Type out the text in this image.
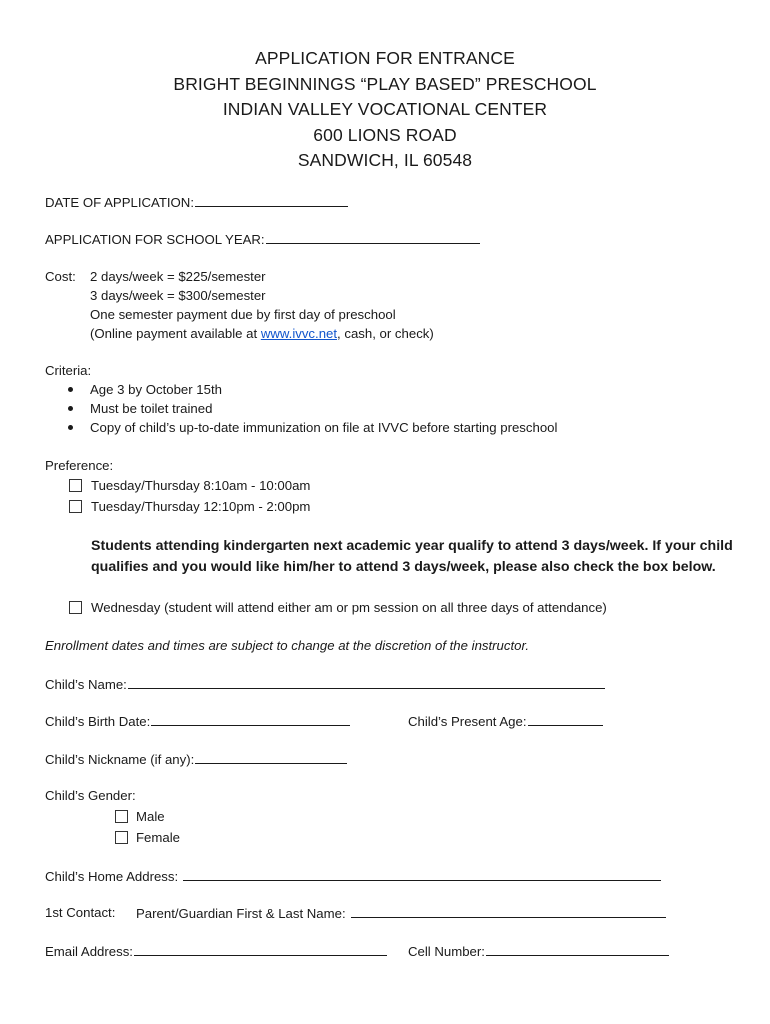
APPLICATION FOR ENTRANCE
BRIGHT BEGINNINGS “PLAY BASED” PRESCHOOL
INDIAN VALLEY VOCATIONAL CENTER
600 LIONS ROAD
SANDWICH, IL 60548
DATE OF APPLICATION:
APPLICATION FOR SCHOOL YEAR:
Cost: 2 days/week = $225/semester
3 days/week = $300/semester
One semester payment due by first day of preschool
(Online payment available at www.ivvc.net, cash, or check)
Criteria:
Age 3 by October 15th
Must be toilet trained
Copy of child’s up-to-date immunization on file at IVVC before starting preschool
Preference:
Tuesday/Thursday 8:10am - 10:00am
Tuesday/Thursday 12:10pm - 2:00pm
Students attending kindergarten next academic year qualify to attend 3 days/week. If your child qualifies and you would like him/her to attend 3 days/week, please also check the box below.
Wednesday (student will attend either am or pm session on all three days of attendance)
Enrollment dates and times are subject to change at the discretion of the instructor.
Child’s Name:
Child’s Birth Date:	Child’s Present Age:
Child’s Nickname (if any):
Child’s Gender:
Male
Female
Child’s Home Address:
1st Contact: Parent/Guardian First & Last Name:
Email Address:	Cell Number:
